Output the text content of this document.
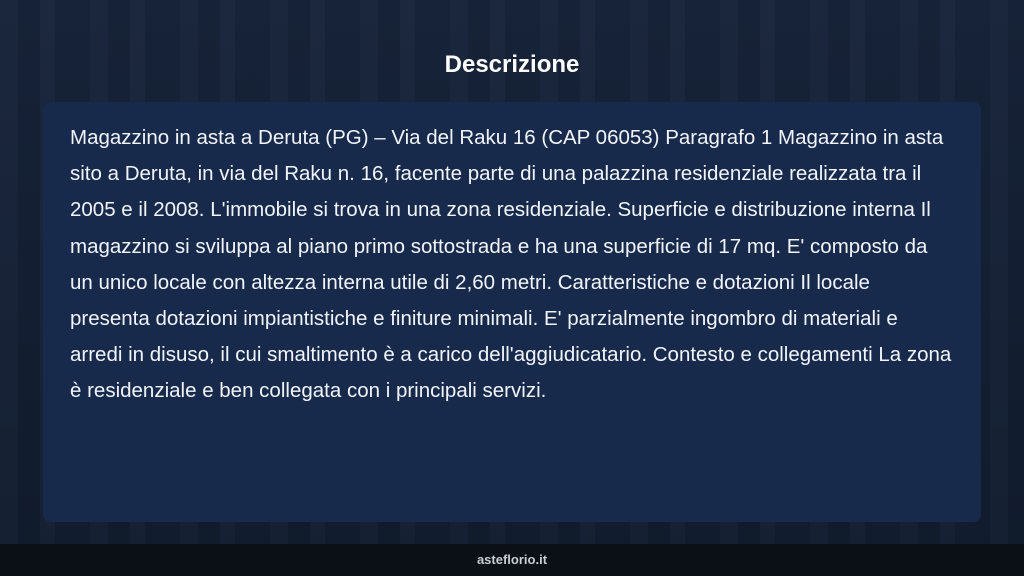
Descrizione

Magazzino in asta a Deruta (PG) – Via del Raku 16 (CAP 06053) Paragrafo 1 Magazzino in asta sito a Deruta, in via del Raku n. 16, facente parte di una palazzina residenziale realizzata tra il 2005 e il 2008. L'immobile si trova in una zona residenziale. Superficie e distribuzione interna Il magazzino si sviluppa al piano primo sottostrada e ha una superficie di 17 mq. E' composto da un unico locale con altezza interna utile di 2,60 metri. Caratteristiche e dotazioni Il locale presenta dotazioni impiantistiche e finiture minimali. E' parzialmente ingombro di materiali e arredi in disuso, il cui smaltimento è a carico dell'aggiudicatario. Contesto e collegamenti La zona è residenziale e ben collegata con i principali servizi.

asteflorio.it
